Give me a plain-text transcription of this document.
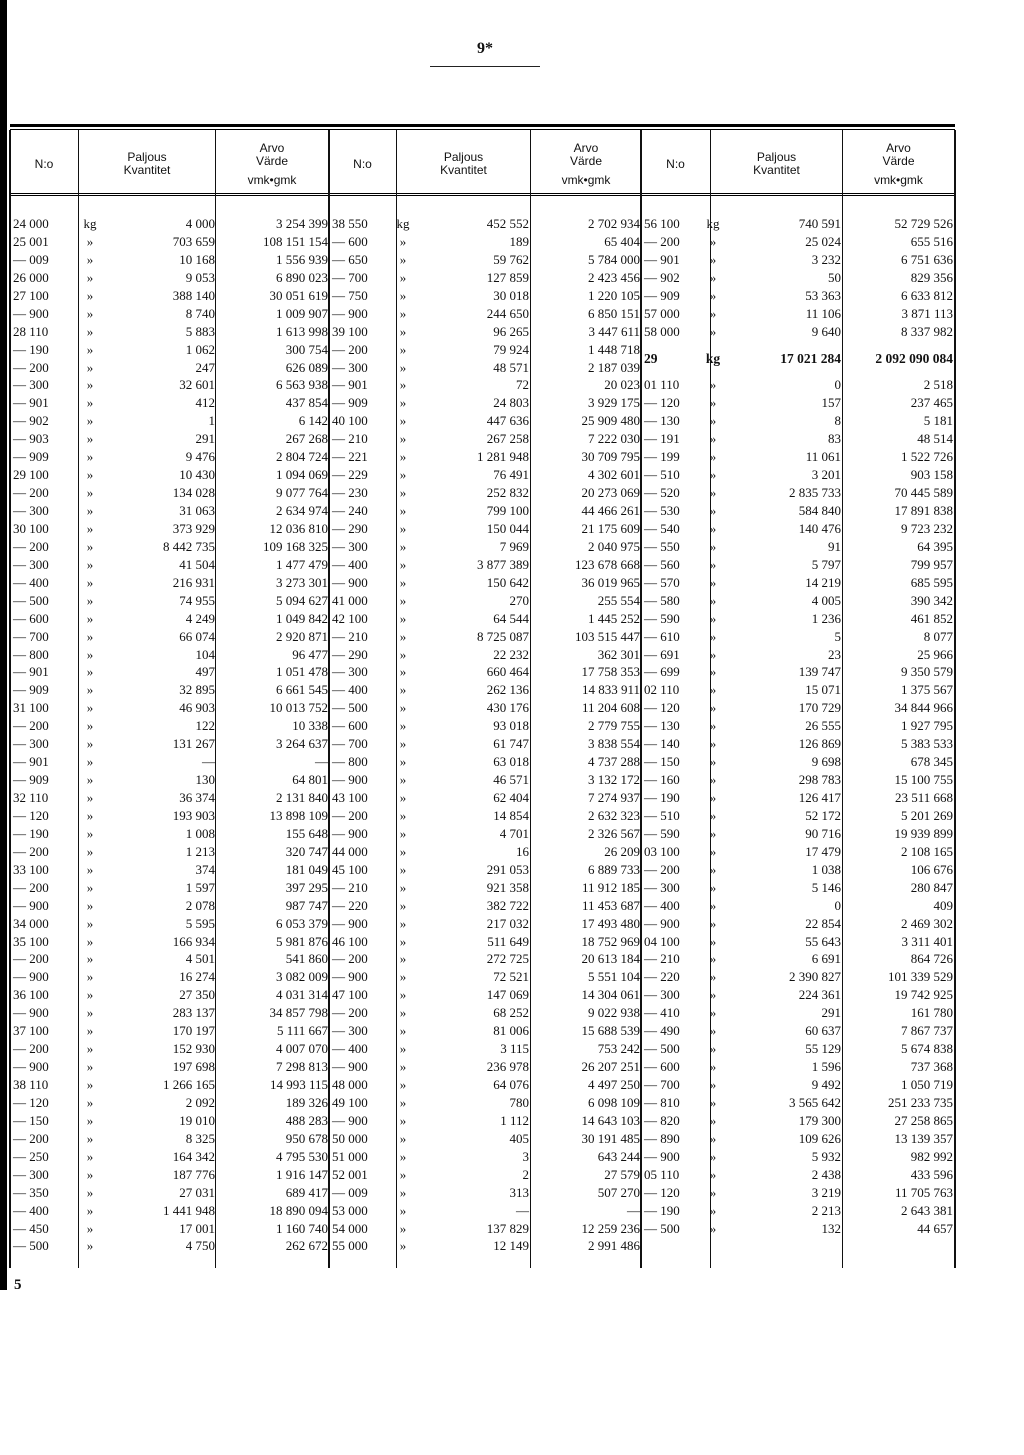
9*
N:o	Paljous
Kvantitet
Arvo
Värde
vmk•gmk
24 000	kg	4 000	3 254 399
25 001	»	703 659	108 151 154
— 009	»	10 168	1 556 939
26 000	»	9 053	6 890 023
27 100	»	388 140	30 051 619
— 900	»	8 740	1 009 907
28 110	»	5 883	1 613 998
— 190	»	1 062	300 754
— 200	»	247	626 089
— 300	»	32 601	6 563 938
— 901	»	412	437 854
— 902	»	1	6 142
— 903	»	291	267 268
— 909	»	9 476	2 804 724
29 100	»	10 430	1 094 069
— 200	»	134 028	9 077 764
— 300	»	31 063	2 634 974
30 100	»	373 929	12 036 810
— 200	»	8 442 735	109 168 325
— 300	»	41 504	1 477 479
— 400	»	216 931	3 273 301
— 500	»	74 955	5 094 627
— 600	»	4 249	1 049 842
— 700	»	66 074	2 920 871
— 800	»	104	96 477
— 901	»	497	1 051 478
— 909	»	32 895	6 661 545
31 100	»	46 903	10 013 752
— 200	»	122	10 338
— 300	»	131 267	3 264 637
— 901	»	—	—
— 909	»	130	64 801
32 110	»	36 374	2 131 840
— 120	»	193 903	13 898 109
— 190	»	1 008	155 648
— 200	»	1 213	320 747
33 100	»	374	181 049
— 200	»	1 597	397 295
— 900	»	2 078	987 747
34 000	»	5 595	6 053 379
35 100	»	166 934	5 981 876
— 200	»	4 501	541 860
— 900	»	16 274	3 082 009
36 100	»	27 350	4 031 314
— 900	»	283 137	34 857 798
37 100	»	170 197	5 111 667
— 200	»	152 930	4 007 070
— 900	»	197 698	7 298 813
38 110	»	1 266 165	14 993 115
— 120	»	2 092	189 326
— 150	»	19 010	488 283
— 200	»	8 325	950 678
— 250	»	164 342	4 795 530
— 300	»	187 776	1 916 147
— 350	»	27 031	689 417
— 400	»	1 441 948	18 890 094
— 450	»	17 001	1 160 740
— 500	»	4 750	262 672
N:o	Paljous
Kvantitet
Arvo
Värde
vmk•gmk
38 550	kg	452 552	2 702 934
— 600	»	189	65 404
— 650	»	59 762	5 784 000
— 700	»	127 859	2 423 456
— 750	»	30 018	1 220 105
— 900	»	244 650	6 850 151
39 100	»	96 265	3 447 611
— 200	»	79 924	1 448 718
— 300	»	48 571	2 187 039
— 901	»	72	20 023
— 909	»	24 803	3 929 175
40 100	»	447 636	25 909 480
— 210	»	267 258	7 222 030
— 221	»	1 281 948	30 709 795
— 229	»	76 491	4 302 601
— 230	»	252 832	20 273 069
— 240	»	799 100	44 466 261
— 290	»	150 044	21 175 609
— 300	»	7 969	2 040 975
— 400	»	3 877 389	123 678 668
— 900	»	150 642	36 019 965
41 000	»	270	255 554
42 100	»	64 544	1 445 252
— 210	»	8 725 087	103 515 447
— 290	»	22 232	362 301
— 300	»	660 464	17 758 353
— 400	»	262 136	14 833 911
— 500	»	430 176	11 204 608
— 600	»	93 018	2 779 755
— 700	»	61 747	3 838 554
— 800	»	63 018	4 737 288
— 900	»	46 571	3 132 172
43 100	»	62 404	7 274 937
— 200	»	14 854	2 632 323
— 900	»	4 701	2 326 567
44 000	»	16	26 209
45 100	»	291 053	6 889 733
— 210	»	921 358	11 912 185
— 220	»	382 722	11 453 687
— 900	»	217 032	17 493 480
46 100	»	511 649	18 752 969
— 200	»	272 725	20 613 184
— 900	»	72 521	5 551 104
47 100	»	147 069	14 304 061
— 200	»	68 252	9 022 938
— 300	»	81 006	15 688 539
— 400	»	3 115	753 242
— 900	»	236 978	26 207 251
48 000	»	64 076	4 497 250
49 100	»	780	6 098 109
— 900	»	1 112	14 643 103
50 000	»	405	30 191 485
51 000	»	3	643 244
52 001	»	2	27 579
— 009	»	313	507 270
53 000	»	—	—
54 000	»	137 829	12 259 236
55 000	»	12 149	2 991 486
N:o	Paljous
Kvantitet
Arvo
Värde
vmk•gmk
56 100	kg	740 591	52 729 526
— 200	»	25 024	655 516
— 901	»	3 232	6 751 636
— 902	»	50	829 356
— 909	»	53 363	6 633 812
57 000	»	11 106	3 871 113
58 000	»	9 640	8 337 982
29	kg	17 021 284	2 092 090 084
01 110	»	0	2 518
— 120	»	157	237 465
— 130	»	8	5 181
— 191	»	83	48 514
— 199	»	11 061	1 522 726
— 510	»	3 201	903 158
— 520	»	2 835 733	70 445 589
— 530	»	584 840	17 891 838
— 540	»	140 476	9 723 232
— 550	»	91	64 395
— 560	»	5 797	799 957
— 570	»	14 219	685 595
— 580	»	4 005	390 342
— 590	»	1 236	461 852
— 610	»	5	8 077
— 691	»	23	25 966
— 699	»	139 747	9 350 579
02 110	»	15 071	1 375 567
— 120	»	170 729	34 844 966
— 130	»	26 555	1 927 795
— 140	»	126 869	5 383 533
— 150	»	9 698	678 345
— 160	»	298 783	15 100 755
— 190	»	126 417	23 511 668
— 510	»	52 172	5 201 269
— 590	»	90 716	19 939 899
03 100	»	17 479	2 108 165
— 200	»	1 038	106 676
— 300	»	5 146	280 847
— 400	»	0	409
— 900	»	22 854	2 469 302
04 100	»	55 643	3 311 401
— 210	»	6 691	864 726
— 220	»	2 390 827	101 339 529
— 300	»	224 361	19 742 925
— 410	»	291	161 780
— 490	»	60 637	7 867 737
— 500	»	55 129	5 674 838
— 600	»	1 596	737 368
— 700	»	9 492	1 050 719
— 810	»	3 565 642	251 233 735
— 820	»	179 300	27 258 865
— 890	»	109 626	13 139 357
— 900	»	5 932	982 992
05 110	»	2 438	433 596
— 120	»	3 219	11 705 763
— 190	»	2 213	2 643 381
— 500	»	132	44 657
5
